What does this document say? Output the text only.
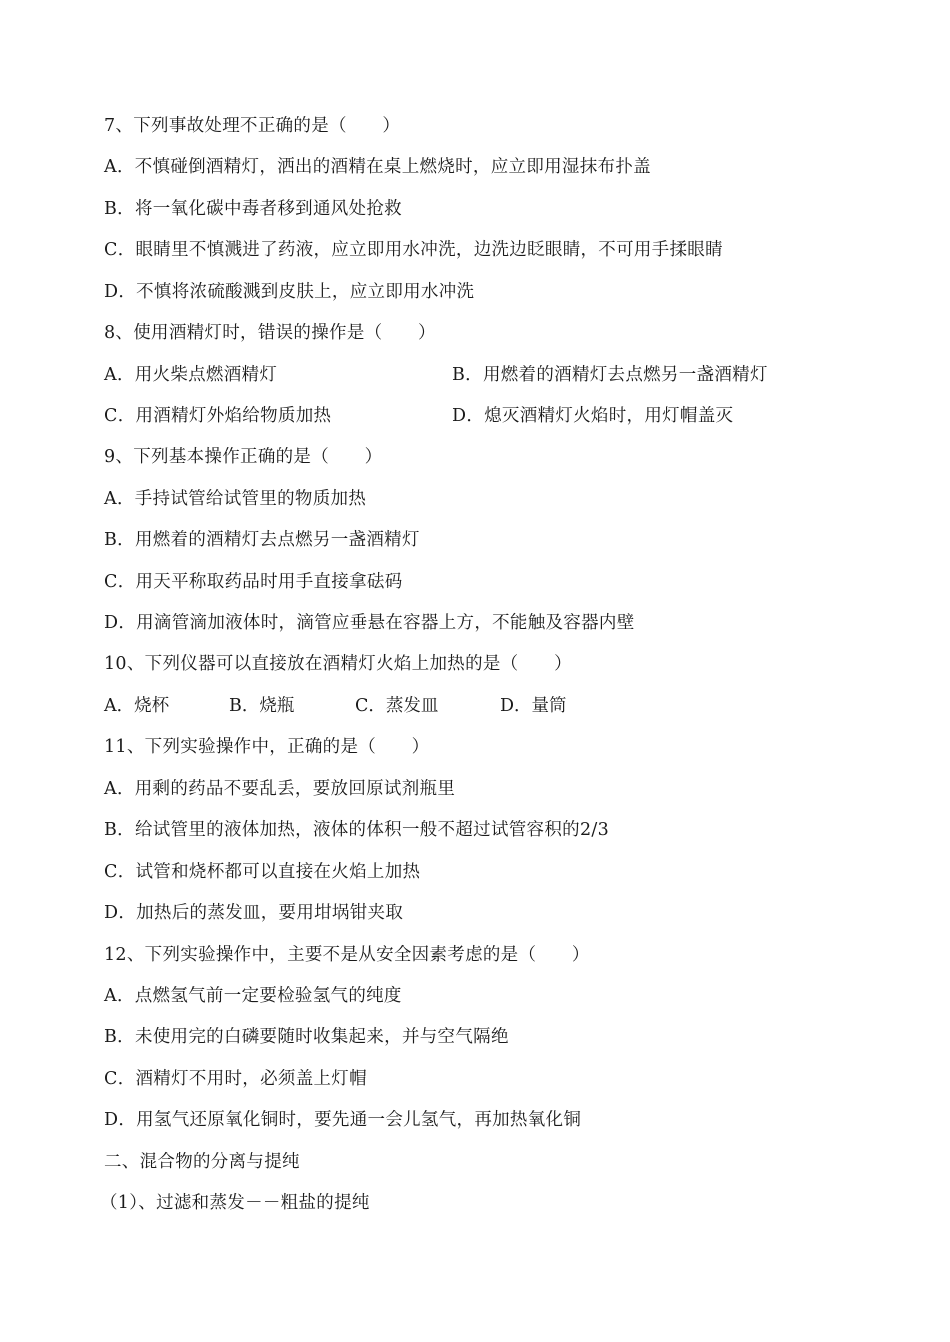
7、下列事故处理不正确的是（　　）
A．不慎碰倒酒精灯，洒出的酒精在桌上燃烧时，应立即用湿抹布扑盖
B．将一氧化碳中毒者移到通风处抢救
C．眼睛里不慎溅进了药液，应立即用水冲洗，边洗边眨眼睛，不可用手揉眼睛
D．不慎将浓硫酸溅到皮肤上，应立即用水冲洗
8、使用酒精灯时，错误的操作是（　　）
A．用火柴点燃酒精灯	B．用燃着的酒精灯去点燃另一盏酒精灯
C．用酒精灯外焰给物质加热	D．熄灭酒精灯火焰时，用灯帽盖灭
9、下列基本操作正确的是（　　）
A．手持试管给试管里的物质加热
B．用燃着的酒精灯去点燃另一盏酒精灯
C．用天平称取药品时用手直接拿砝码
D．用滴管滴加液体时，滴管应垂悬在容器上方，不能触及容器内壁
10、下列仪器可以直接放在酒精灯火焰上加热的是（　　）
A．烧杯	B．烧瓶	C．蒸发皿	D．量筒
11、下列实验操作中，正确的是（　　）
A．用剩的药品不要乱丢，要放回原试剂瓶里
B．给试管里的液体加热，液体的体积一般不超过试管容积的2/3
C．试管和烧杯都可以直接在火焰上加热
D．加热后的蒸发皿，要用坩埚钳夹取
12、下列实验操作中，主要不是从安全因素考虑的是（　　）
A．点燃氢气前一定要检验氢气的纯度
B．未使用完的白磷要随时收集起来，并与空气隔绝
C．酒精灯不用时，必须盖上灯帽
D．用氢气还原氧化铜时，要先通一会儿氢气，再加热氧化铜
二、混合物的分离与提纯
（1）、过滤和蒸发－－粗盐的提纯
